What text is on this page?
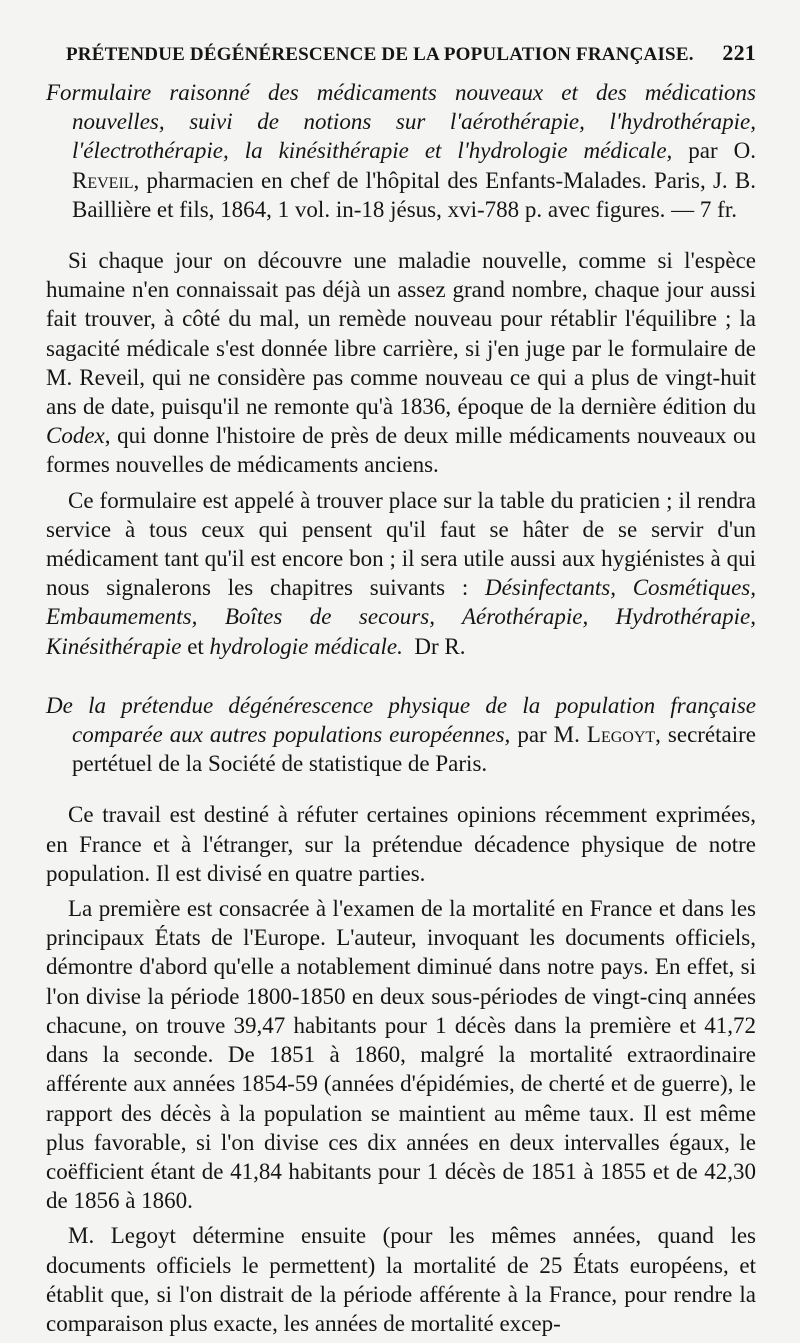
PRÉTENDUE DÉGÉNÉRESCENCE DE LA POPULATION FRANÇAISE. 221

Formulaire raisonné des médicaments nouveaux et des médications nouvelles, suivi de notions sur l'aérothérapie, l'hydrothérapie, l'électrothérapie, la kinésithérapie et l'hydrologie médicale, par O. Reveil, pharmacien en chef de l'hôpital des Enfants-Malades. Paris, J. B. Baillière et fils, 1864, 1 vol. in-18 jésus, xvi-788 p. avec figures. — 7 fr.

Si chaque jour on découvre une maladie nouvelle, comme si l'espèce humaine n'en connaissait pas déjà un assez grand nombre, chaque jour aussi fait trouver, à côté du mal, un remède nouveau pour rétablir l'équilibre ; la sagacité médicale s'est donnée libre carrière, si j'en juge par le formulaire de M. Reveil, qui ne considère pas comme nouveau ce qui a plus de vingt-huit ans de date, puisqu'il ne remonte qu'à 1836, époque de la dernière édition du Codex, qui donne l'histoire de près de deux mille médicaments nouveaux ou formes nouvelles de médicaments anciens.

Ce formulaire est appelé à trouver place sur la table du praticien ; il rendra service à tous ceux qui pensent qu'il faut se hâter de se servir d'un médicament tant qu'il est encore bon ; il sera utile aussi aux hygiénistes à qui nous signalerons les chapitres suivants : Désinfectants, Cosmétiques, Embaumements, Boîtes de secours, Aérothérapie, Hydrothérapie, Kinésithérapie et hydrologie médicale. Dr R.

De la prétendue dégénérescence physique de la population française comparée aux autres populations européennes, par M. Legoyt, secrétaire pertétuel de la Société de statistique de Paris.

Ce travail est destiné à réfuter certaines opinions récemment exprimées, en France et à l'étranger, sur la prétendue décadence physique de notre population. Il est divisé en quatre parties.

La première est consacrée à l'examen de la mortalité en France et dans les principaux États de l'Europe. L'auteur, invoquant les documents officiels, démontre d'abord qu'elle a notablement diminué dans notre pays. En effet, si l'on divise la période 1800-1850 en deux sous-périodes de vingt-cinq années chacune, on trouve 39,47 habitants pour 1 décès dans la première et 41,72 dans la seconde. De 1851 à 1860, malgré la mortalité extraordinaire afférente aux années 1854-59 (années d'épidémies, de cherté et de guerre), le rapport des décès à la population se maintient au même taux. Il est même plus favorable, si l'on divise ces dix années en deux intervalles égaux, le coëfficient étant de 41,84 habitants pour 1 décès de 1851 à 1855 et de 42,30 de 1856 à 1860.

M. Legoyt détermine ensuite (pour les mêmes années, quand les documents officiels le permettent) la mortalité de 25 États européens, et établit que, si l'on distrait de la période afférente à la France, pour rendre la comparaison plus exacte, les années de mortalité excep-
